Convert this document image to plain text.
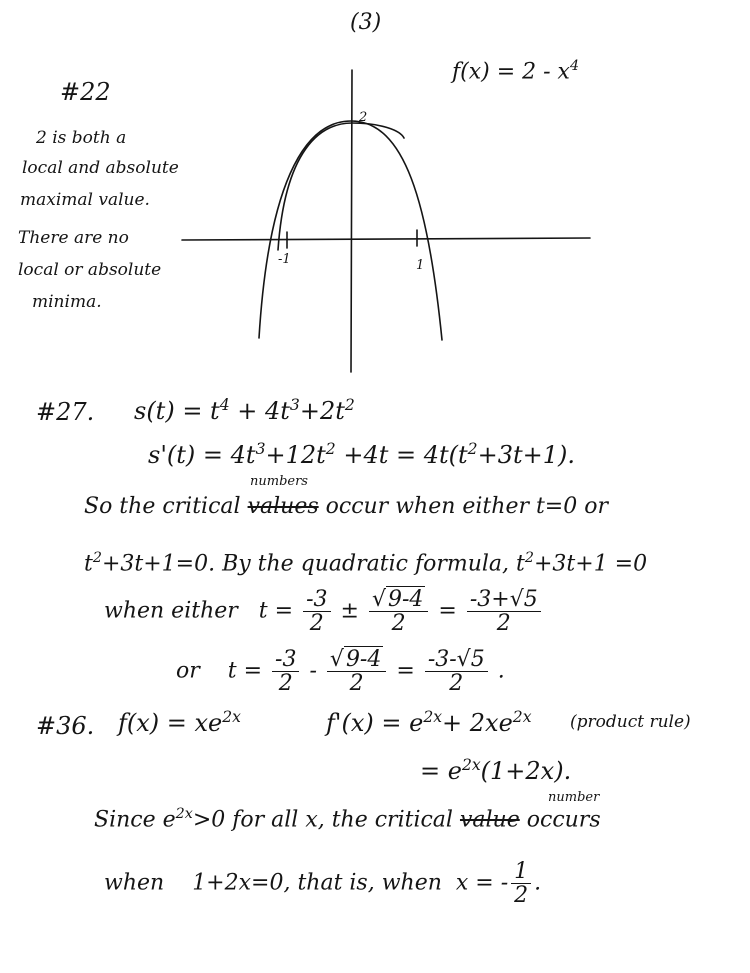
(3)
#22
$f(x) = 2 - x^4$
2 is both a
local and absolute
maximal value.
There are no
local or absolute
minima.
2
-1	1
#27. $s(t) = t^4 + 4t^3+2t^2$
$s'(t) = 4t^3+12t^2 +4t = 4t(t^2+3t+1)$.
numbers
So the critical values occur when either t=0 or
$t^2+3t+1=0$. By the quadratic formula, $t^2+3t+1 =0$
when either $t = \frac{-3}{2} \pm \frac{√9-4}{2} = \frac{-3+√5}{2}$
or $t = \frac{-3}{2} - \frac{√9-4}{2} = \frac{-3-√5}{2}$ .
#36. $f(x) = xe^{2x}$	$f'(x) = e^{2x}+ 2xe^{2x}$ (product rule)
= $e^{2x}(1+2x)$.
number
Since $e^{2x}>0$ for all x, the critical value occurs
when 1+2x=0, that is, when x = - $\frac{1}{2}$ .
